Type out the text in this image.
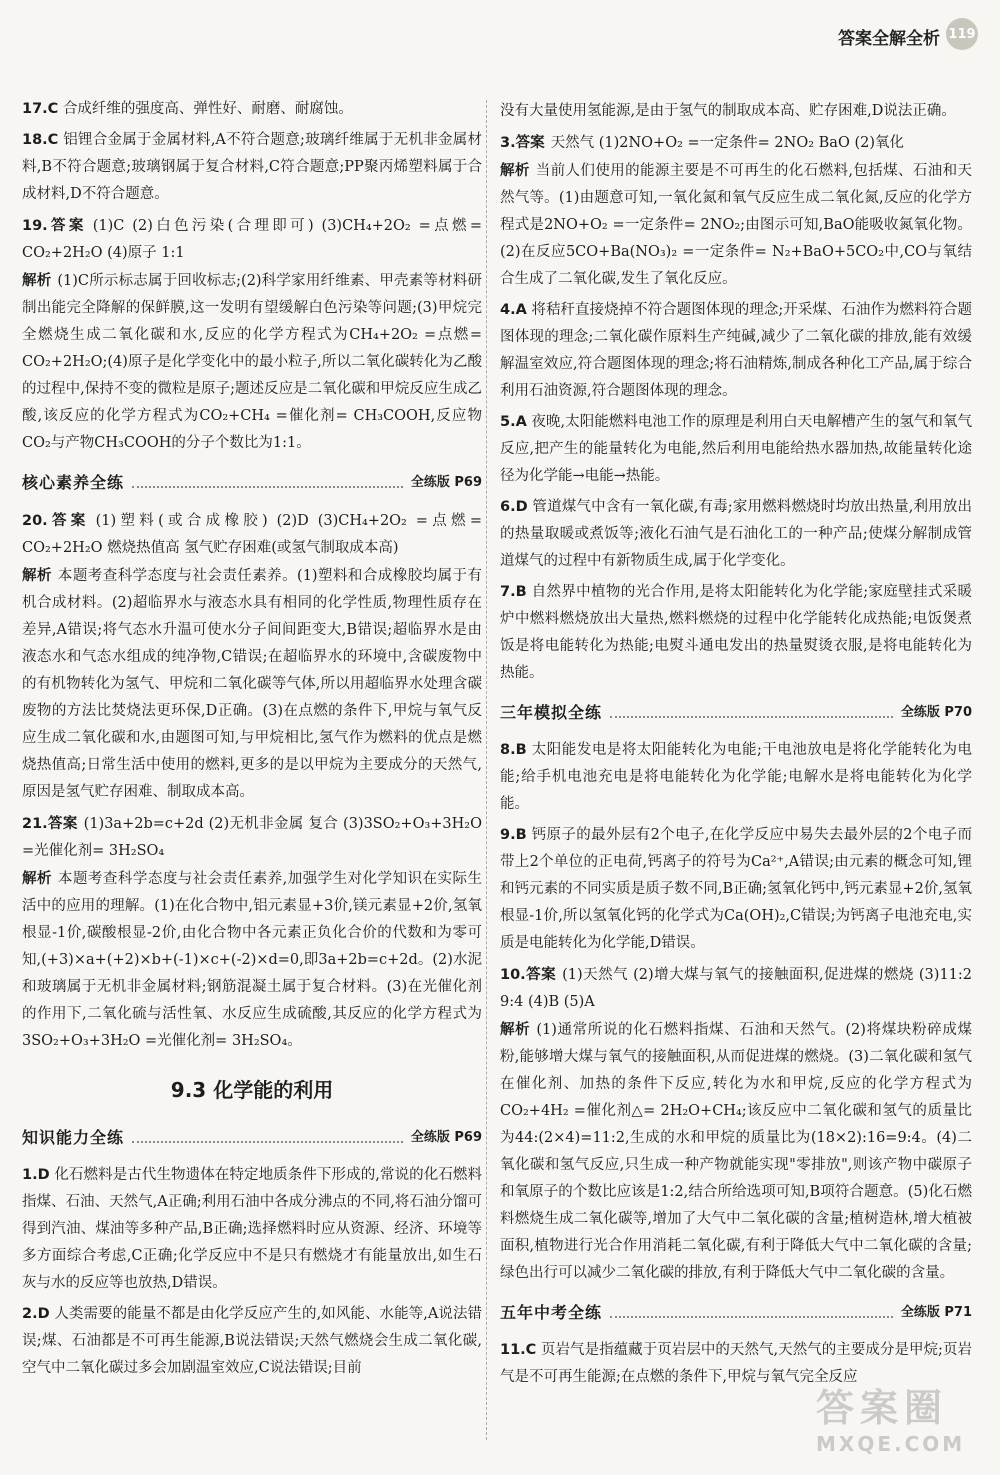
答案全解全析 119
17.C 合成纤维的强度高、弹性好、耐磨、耐腐蚀。
18.C 铝锂合金属于金属材料,A不符合题意;玻璃纤维属于无机非金属材料,B不符合题意;玻璃钢属于复合材料,C符合题意;PP聚丙烯塑料属于合成材料,D不符合题意。
19.答案 (1)C (2)白色污染(合理即可) (3)CH₄+2O₂ =点燃= CO₂+2H₂O (4)原子 1:1
解析 (1)C所示标志属于回收标志;(2)科学家用纤维素、甲壳素等材料研制出能完全降解的保鲜膜,这一发明有望缓解白色污染等问题;(3)甲烷完全燃烧生成二氧化碳和水,反应的化学方程式为CH₄+2O₂ =点燃= CO₂+2H₂O;(4)原子是化学变化中的最小粒子,所以二氧化碳转化为乙酸的过程中,保持不变的微粒是原子;题述反应是二氧化碳和甲烷反应生成乙酸,该反应的化学方程式为CO₂+CH₄ =催化剂= CH₃COOH,反应物CO₂与产物CH₃COOH的分子个数比为1:1。
核心素养全练	全练版 P69
20.答案 (1)塑料(或合成橡胶) (2)D (3)CH₄+2O₂ =点燃= CO₂+2H₂O 燃烧热值高 氢气贮存困难(或氢气制取成本高)
解析 本题考查科学态度与社会责任素养。(1)塑料和合成橡胶均属于有机合成材料。(2)超临界水与液态水具有相同的化学性质,物理性质存在差异,A错误;将气态水升温可使水分子间间距变大,B错误;超临界水是由液态水和气态水组成的纯净物,C错误;在超临界水的环境中,含碳废物中的有机物转化为氢气、甲烷和二氧化碳等气体,所以用超临界水处理含碳废物的方法比焚烧法更环保,D正确。(3)在点燃的条件下,甲烷与氧气反应生成二氧化碳和水,由题图可知,与甲烷相比,氢气作为燃料的优点是燃烧热值高;日常生活中使用的燃料,更多的是以甲烷为主要成分的天然气,原因是氢气贮存困难、制取成本高。
21.答案 (1)3a+2b=c+2d (2)无机非金属 复合 (3)3SO₂+O₃+3H₂O =光催化剂= 3H₂SO₄
解析 本题考查科学态度与社会责任素养,加强学生对化学知识在实际生活中的应用的理解。(1)在化合物中,铝元素显+3价,镁元素显+2价,氢氧根显-1价,碳酸根显-2价,由化合物中各元素正负化合价的代数和为零可知,(+3)×a+(+2)×b+(-1)×c+(-2)×d=0,即3a+2b=c+2d。(2)水泥和玻璃属于无机非金属材料;钢筋混凝土属于复合材料。(3)在光催化剂的作用下,二氧化硫与活性氧、水反应生成硫酸,其反应的化学方程式为3SO₂+O₃+3H₂O =光催化剂= 3H₂SO₄。
9.3 化学能的利用
知识能力全练	全练版 P69
1.D 化石燃料是古代生物遗体在特定地质条件下形成的,常说的化石燃料指煤、石油、天然气,A正确;利用石油中各成分沸点的不同,将石油分馏可得到汽油、煤油等多种产品,B正确;选择燃料时应从资源、经济、环境等多方面综合考虑,C正确;化学反应中不是只有燃烧才有能量放出,如生石灰与水的反应等也放热,D错误。
2.D 人类需要的能量不都是由化学反应产生的,如风能、水能等,A说法错误;煤、石油都是不可再生能源,B说法错误;天然气燃烧会生成二氧化碳,空气中二氧化碳过多会加剧温室效应,C说法错误;目前
没有大量使用氢能源,是由于氢气的制取成本高、贮存困难,D说法正确。
3.答案 天然气 (1)2NO+O₂ =一定条件= 2NO₂ BaO (2)氧化
解析 当前人们使用的能源主要是不可再生的化石燃料,包括煤、石油和天然气等。(1)由题意可知,一氧化氮和氧气反应生成二氧化氮,反应的化学方程式是2NO+O₂ =一定条件= 2NO₂;由图示可知,BaO能吸收氮氧化物。(2)在反应5CO+Ba(NO₃)₂ =一定条件= N₂+BaO+5CO₂中,CO与氧结合生成了二氧化碳,发生了氧化反应。
4.A 将秸秆直接烧掉不符合题图体现的理念;开采煤、石油作为燃料符合题图体现的理念;二氧化碳作原料生产纯碱,减少了二氧化碳的排放,能有效缓解温室效应,符合题图体现的理念;将石油精炼,制成各种化工产品,属于综合利用石油资源,符合题图体现的理念。
5.A 夜晚,太阳能燃料电池工作的原理是利用白天电解槽产生的氢气和氧气反应,把产生的能量转化为电能,然后利用电能给热水器加热,故能量转化途径为化学能→电能→热能。
6.D 管道煤气中含有一氧化碳,有毒;家用燃料燃烧时均放出热量,利用放出的热量取暖或煮饭等;液化石油气是石油化工的一种产品;使煤分解制成管道煤气的过程中有新物质生成,属于化学变化。
7.B 自然界中植物的光合作用,是将太阳能转化为化学能;家庭壁挂式采暖炉中燃料燃烧放出大量热,燃料燃烧的过程中化学能转化成热能;电饭煲煮饭是将电能转化为热能;电熨斗通电发出的热量熨烫衣服,是将电能转化为热能。
三年模拟全练	全练版 P70
8.B 太阳能发电是将太阳能转化为电能;干电池放电是将化学能转化为电能;给手机电池充电是将电能转化为化学能;电解水是将电能转化为化学能。
9.B 钙原子的最外层有2个电子,在化学反应中易失去最外层的2个电子而带上2个单位的正电荷,钙离子的符号为Ca²⁺,A错误;由元素的概念可知,锂和钙元素的不同实质是质子数不同,B正确;氢氧化钙中,钙元素显+2价,氢氧根显-1价,所以氢氧化钙的化学式为Ca(OH)₂,C错误;为钙离子电池充电,实质是电能转化为化学能,D错误。
10.答案 (1)天然气 (2)增大煤与氧气的接触面积,促进煤的燃烧 (3)11:2 9:4 (4)B (5)A
解析 (1)通常所说的化石燃料指煤、石油和天然气。(2)将煤块粉碎成煤粉,能够增大煤与氧气的接触面积,从而促进煤的燃烧。(3)二氧化碳和氢气在催化剂、加热的条件下反应,转化为水和甲烷,反应的化学方程式为CO₂+4H₂ =催化剂△= 2H₂O+CH₄;该反应中二氧化碳和氢气的质量比为44:(2×4)=11:2,生成的水和甲烷的质量比为(18×2):16=9:4。(4)二氧化碳和氢气反应,只生成一种产物就能实现"零排放",则该产物中碳原子和氧原子的个数比应该是1:2,结合所给选项可知,B项符合题意。(5)化石燃料燃烧生成二氧化碳等,增加了大气中二氧化碳的含量;植树造林,增大植被面积,植物进行光合作用消耗二氧化碳,有利于降低大气中二氧化碳的含量;绿色出行可以减少二氧化碳的排放,有利于降低大气中二氧化碳的含量。
五年中考全练	全练版 P71
11.C 页岩气是指蕴藏于页岩层中的天然气,天然气的主要成分是甲烷;页岩气是不可再生能源;在点燃的条件下,甲烷与氧气完全反应
答案圈
MXQE.COM
